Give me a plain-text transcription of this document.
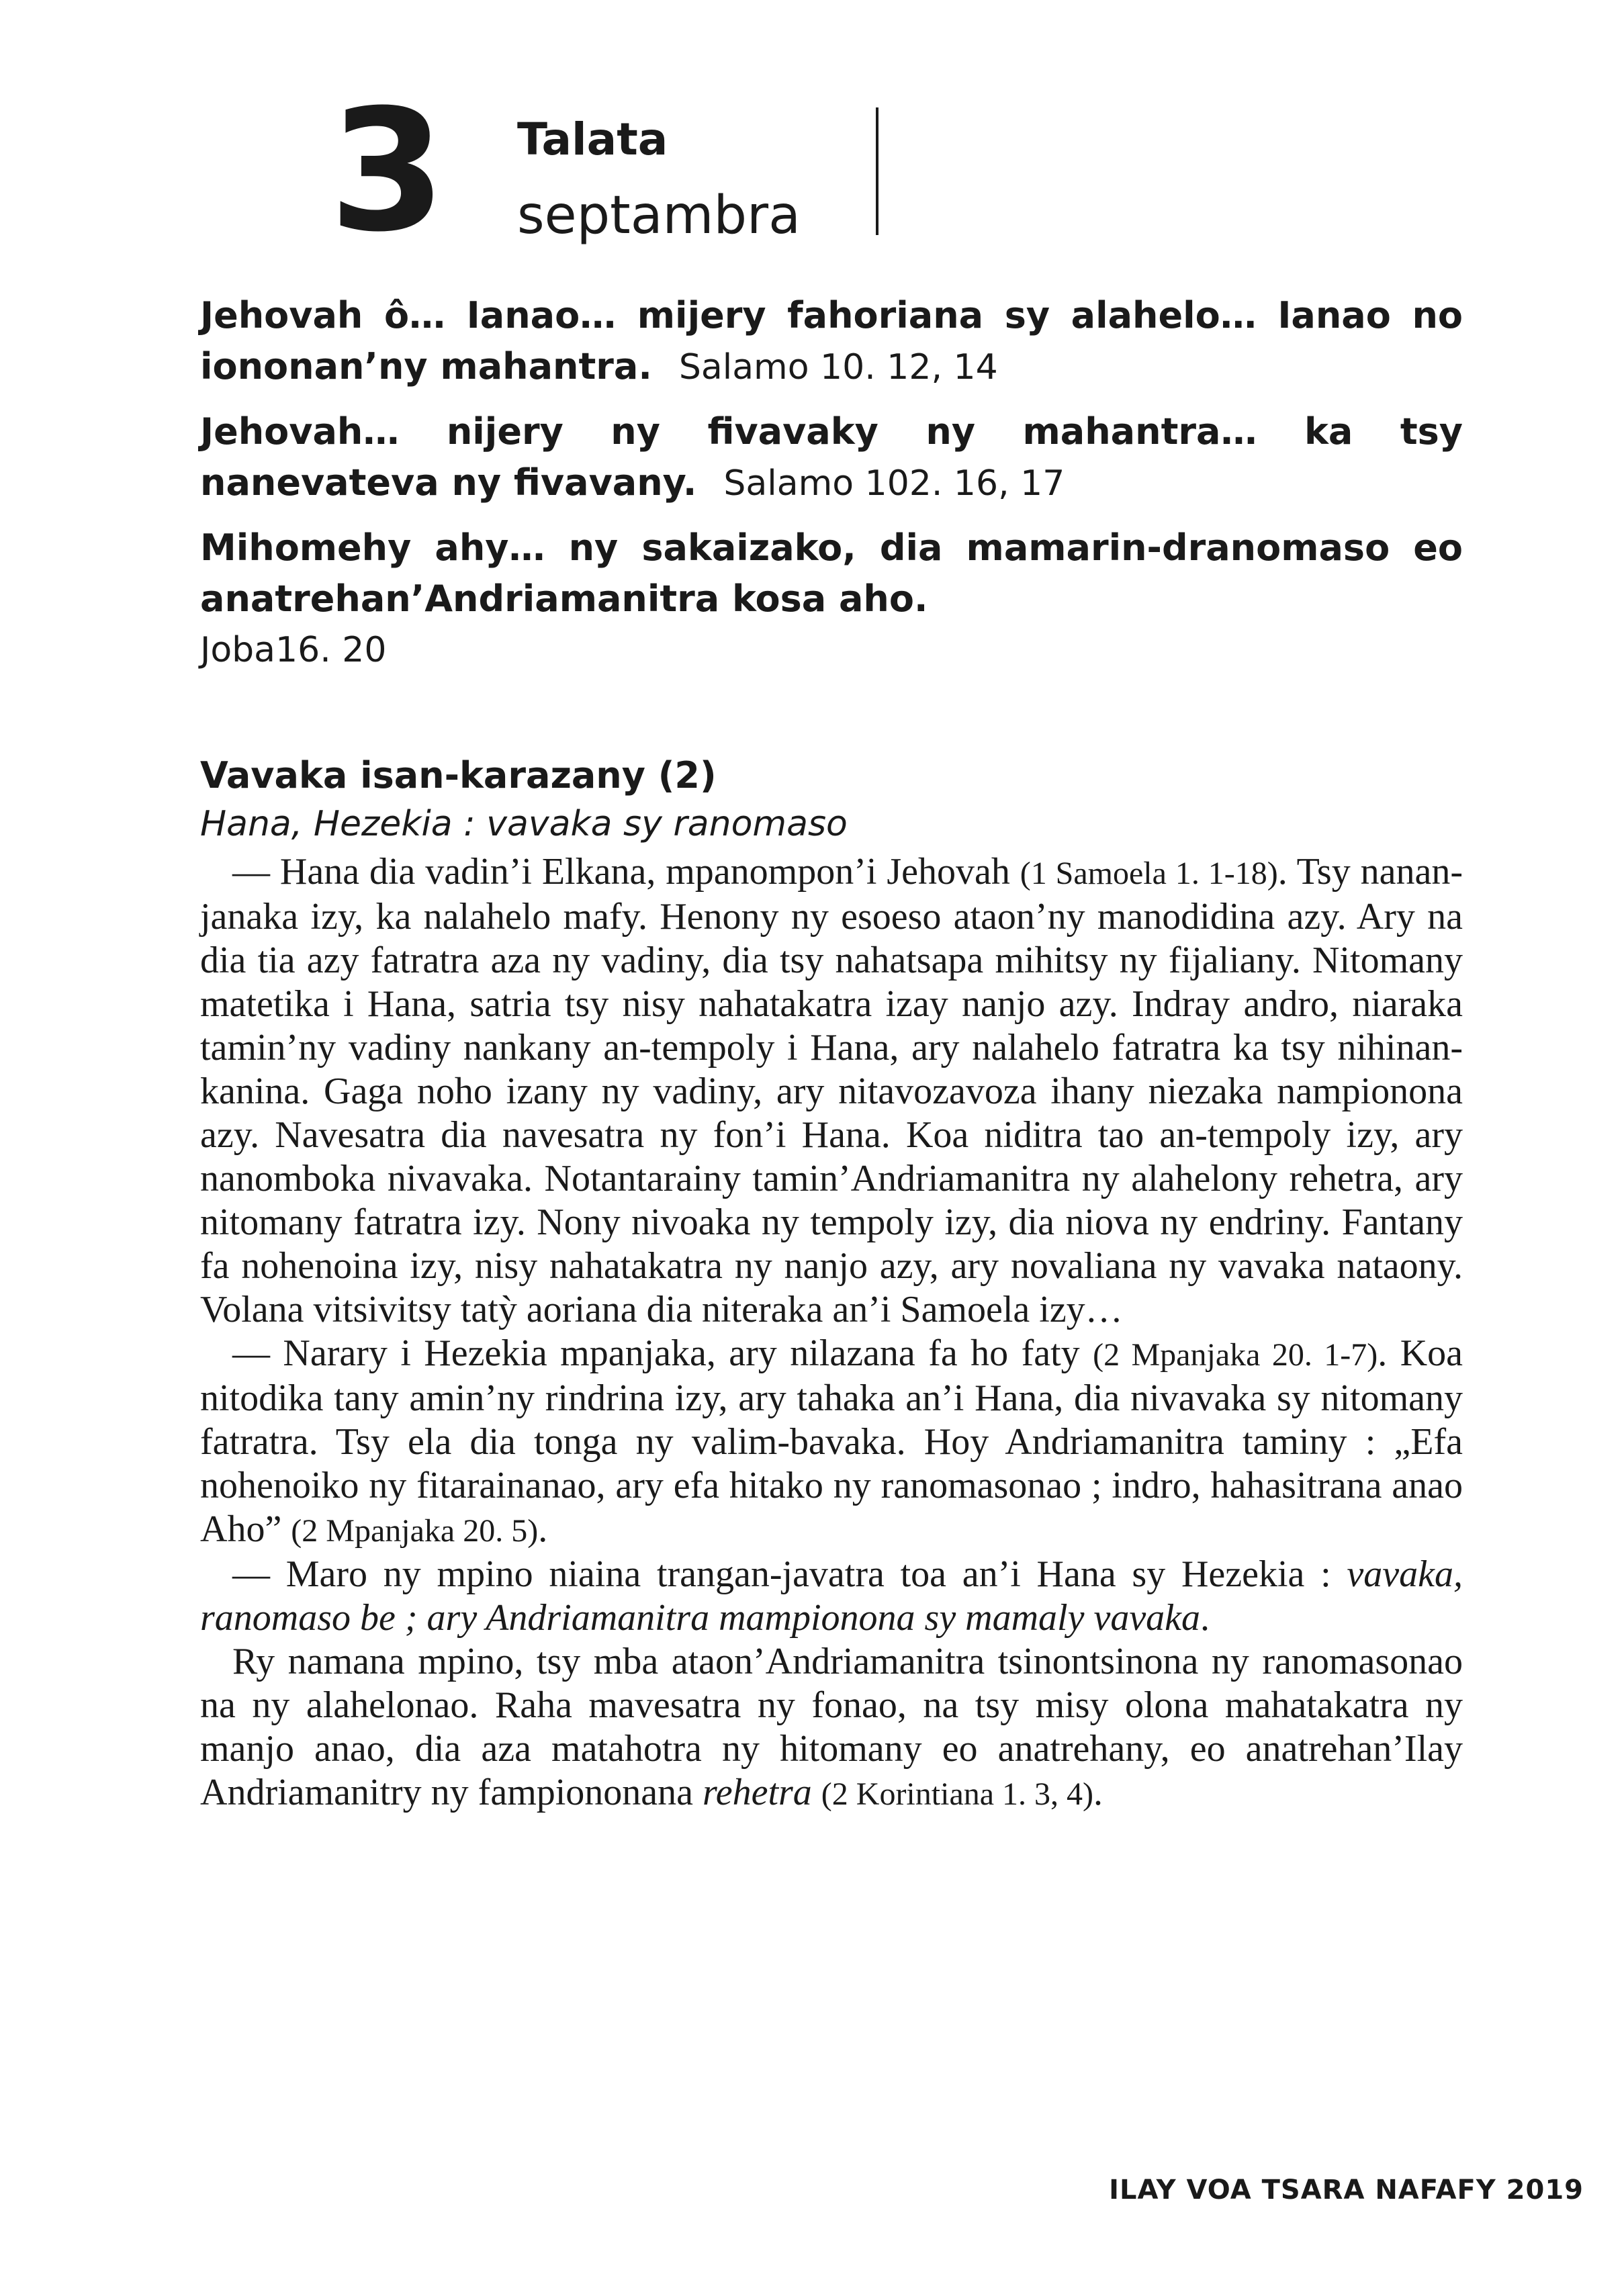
3 Talata
septambra

Jehovah ô… Ianao… mijery fahoriana sy alahelo… Ianao no iononan’ny mahantra. Salamo 10. 12, 14

Jehovah… nijery ny fivavaky ny mahantra… ka tsy nanevateva ny fivavany. Salamo 102. 16, 17

Mihomehy ahy… ny sakaizako, dia mamarin-dranomaso eo anatrehan’Andriamanitra kosa aho.
Joba16. 20

Vavaka isan-karazany (2)
Hana, Hezekia : vavaka sy ranomaso

— Hana dia vadin’i Elkana, mpanompon’i Jehovah (1 Samoela 1. 1-18). Tsy nanan-janaka izy, ka nalahelo mafy. Henony ny esoeso ataon’ny manodidina azy. Ary na dia tia azy fatratra aza ny vadiny, dia tsy nahatsapa mihitsy ny fijaliany. Nitomany matetika i Hana, satria tsy nisy nahatakatra izay nanjo azy. Indray andro, niaraka tamin’ny vadiny nankany an-tempoly i Hana, ary nalahelo fatratra ka tsy nihinan-kanina. Gaga noho izany ny vadiny, ary nitavozavoza ihany niezaka nampionona azy. Navesatra dia navesatra ny fon’i Hana. Koa niditra tao an-tempoly izy, ary nanomboka nivavaka. Notantarainy tamin’Andriamanitra ny alahelony rehetra, ary nitomany fatratra izy. Nony nivoaka ny tempoly izy, dia niova ny endriny. Fantany fa nohenoina izy, nisy nahatakatra ny nanjo azy, ary novaliana ny vavaka nataony. Volana vitsivitsy tatỳ aoriana dia niteraka an’i Samoela izy…

— Narary i Hezekia mpanjaka, ary nilazana fa ho faty (2 Mpanjaka 20. 1-7). Koa nitodika tany amin’ny rindrina izy, ary tahaka an’i Hana, dia nivavaka sy nitomany fatratra. Tsy ela dia tonga ny valim-bavaka. Hoy Andriamanitra taminy : „Efa nohenoiko ny fitarainanao, ary efa hitako ny ranomasonao ; indro, hahasitrana anao Aho” (2 Mpanjaka 20. 5).

— Maro ny mpino niaina trangan-javatra toa an’i Hana sy Hezekia : vavaka, ranomaso be ; ary Andriamanitra mampionona sy mamaly vavaka.

Ry namana mpino, tsy mba ataon’Andriamanitra tsinontsinona ny ranomasonao na ny alahelonao. Raha mavesatra ny fonao, na tsy misy olona mahatakatra ny manjo anao, dia aza matahotra ny hitomany eo anatrehany, eo anatrehan’Ilay Andriamanitry ny fampiononana rehetra (2 Korintiana 1. 3, 4).

ILAY VOA TSARA NAFAFY 2019
